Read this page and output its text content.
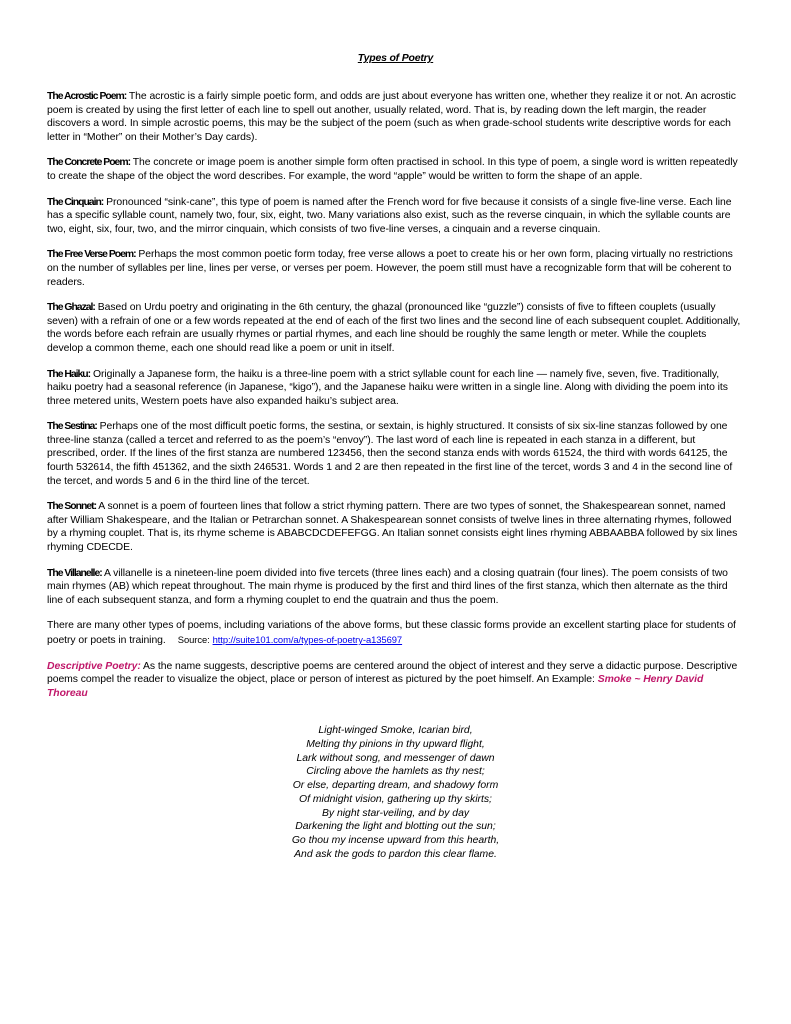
Types of Poetry

The Acrostic Poem: The acrostic is a fairly simple poetic form, and odds are just about everyone has written one, whether they realize it or not. An acrostic poem is created by using the first letter of each line to spell out another, usually related, word. That is, by reading down the left margin, the reader discovers a word. In simple acrostic poems, this may be the subject of the poem (such as when grade-school students write descriptive words for each letter in “Mother” on their Mother’s Day cards).

The Concrete Poem: The concrete or image poem is another simple form often practised in school. In this type of poem, a single word is written repeatedly to create the shape of the object the word describes. For example, the word “apple” would be written to form the shape of an apple.

The Cinquain: Pronounced “sink-cane”, this type of poem is named after the French word for five because it consists of a single five-line verse. Each line has a specific syllable count, namely two, four, six, eight, two. Many variations also exist, such as the reverse cinquain, in which the syllable counts are two, eight, six, four, two, and the mirror cinquain, which consists of two five-line verses, a cinquain and a reverse cinquain.

The Free Verse Poem: Perhaps the most common poetic form today, free verse allows a poet to create his or her own form, placing virtually no restrictions on the number of syllables per line, lines per verse, or verses per poem. However, the poem still must have a recognizable form that will be coherent to readers.

The Ghazal: Based on Urdu poetry and originating in the 6th century, the ghazal (pronounced like “guzzle”) consists of five to fifteen couplets (usually seven) with a refrain of one or a few words repeated at the end of each of the first two lines and the second line of each subsequent couplet. Additionally, the words before each refrain are usually rhymes or partial rhymes, and each line should be roughly the same length or meter. While the couplets develop a common theme, each one should read like a poem or unit in itself.

The Haiku: Originally a Japanese form, the haiku is a three-line poem with a strict syllable count for each line — namely five, seven, five. Traditionally, haiku poetry had a seasonal reference (in Japanese, “kigo”), and the Japanese haiku were written in a single line. Along with dividing the poem into its three metered units, Western poets have also expanded haiku’s subject area.

The Sestina: Perhaps one of the most difficult poetic forms, the sestina, or sextain, is highly structured. It consists of six six-line stanzas followed by one three-line stanza (called a tercet and referred to as the poem’s “envoy”). The last word of each line is repeated in each stanza in a different, but prescribed, order. If the lines of the first stanza are numbered 123456, then the second stanza ends with words 61524, the third with words 64125, the fourth 532614, the fifth 451362, and the sixth 246531. Words 1 and 2 are then repeated in the first line of the tercet, words 3 and 4 in the second line of the tercet, and words 5 and 6 in the third line of the tercet.

The Sonnet: A sonnet is a poem of fourteen lines that follow a strict rhyming pattern. There are two types of sonnet, the Shakespearean sonnet, named after William Shakespeare, and the Italian or Petrarchan sonnet. A Shakespearean sonnet consists of twelve lines in three alternating rhymes, followed by a rhyming couplet. That is, its rhyme scheme is ABABCDCDEFEFGG. An Italian sonnet consists eight lines rhyming ABBAABBA followed by six lines rhyming CDECDE.

The Villanelle: A villanelle is a nineteen-line poem divided into five tercets (three lines each) and a closing quatrain (four lines). The poem consists of two main rhymes (AB) which repeat throughout. The main rhyme is produced by the first and third lines of the first stanza, which then alternate as the third line of each subsequent stanza, and form a rhyming couplet to end the quatrain and thus the poem.

There are many other types of poems, including variations of the above forms, but these classic forms provide an excellent starting place for students of poetry or poets in training. Source: http://suite101.com/a/types-of-poetry-a135697

Descriptive Poetry: As the name suggests, descriptive poems are centered around the object of interest and they serve a didactic purpose. Descriptive poems compel the reader to visualize the object, place or person of interest as pictured by the poet himself. An Example: Smoke ~ Henry David Thoreau

Light-winged Smoke, Icarian bird,
Melting thy pinions in thy upward flight,
Lark without song, and messenger of dawn
Circling above the hamlets as thy nest;
Or else, departing dream, and shadowy form
Of midnight vision, gathering up thy skirts;
By night star-veiling, and by day
Darkening the light and blotting out the sun;
Go thou my incense upward from this hearth,
And ask the gods to pardon this clear flame.
